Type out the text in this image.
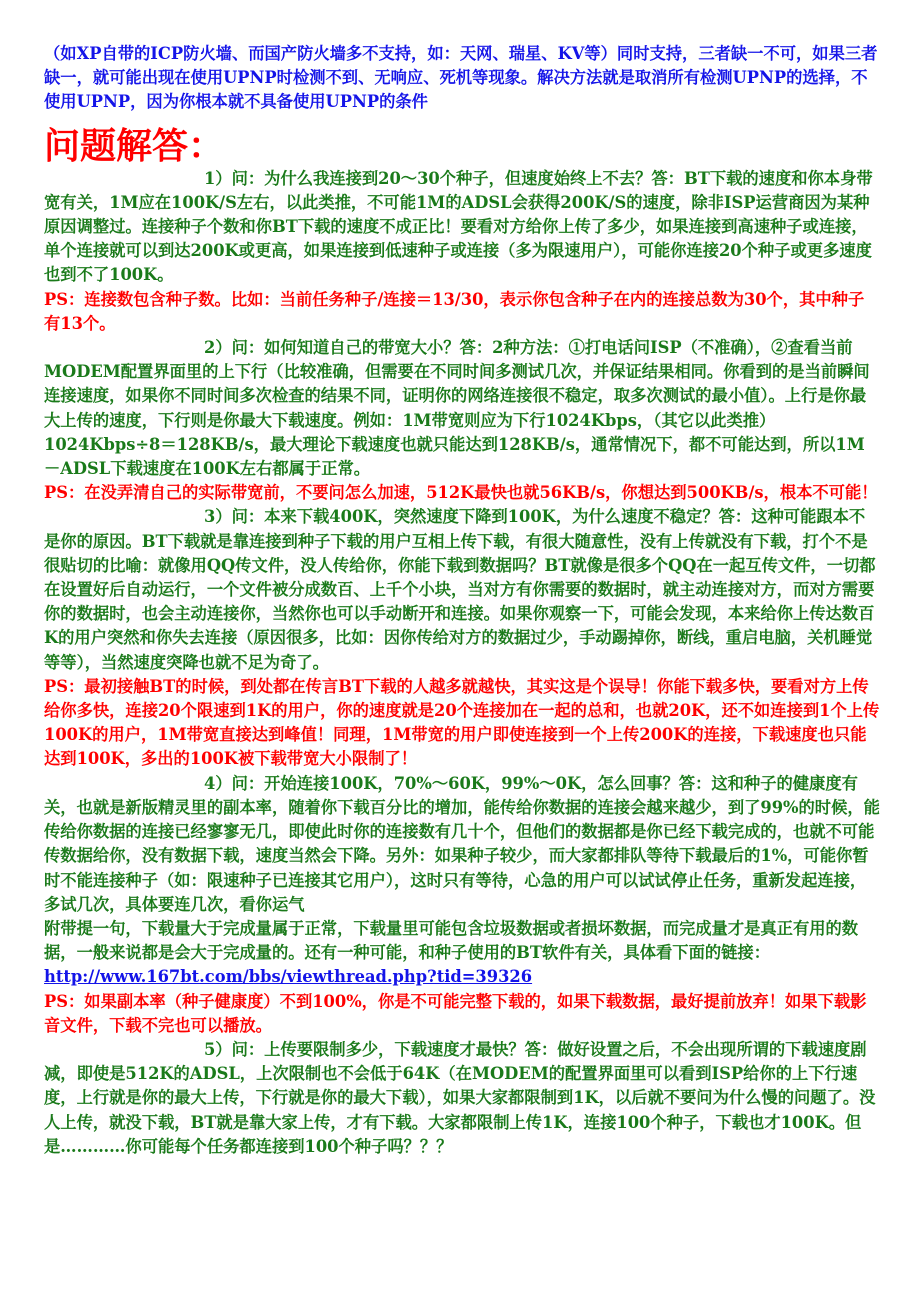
（如XP自带的ICP防火墙、而国产防火墙多不支持，如：天网、瑞星、KV等）同时支持，三者缺一不可，如果三者缺一，就可能出现在使用UPNP时检测不到、无响应、死机等现象。解决方法就是取消所有检测UPNP的选择，不使用UPNP，因为你根本就不具备使用UPNP的条件

问题解答：

1）问：为什么我连接到20～30个种子，但速度始终上不去？答：BT下载的速度和你本身带宽有关，1M应在100K/S左右，以此类推，不可能1M的ADSL会获得200K/S的速度，除非ISP运营商因为某种原因调整过。连接种子个数和你BT下载的速度不成正比！要看对方给你上传了多少，如果连接到高速种子或连接，单个连接就可以到达200K或更高，如果连接到低速种子或连接（多为限速用户），可能你连接20个种子或更多速度也到不了100K。

PS：连接数包含种子数。比如：当前任务种子/连接＝13/30，表示你包含种子在内的连接总数为30个，其中种子有13个。

2）问：如何知道自己的带宽大小？答：2种方法：①打电话问ISP（不准确），②查看当前MODEM配置界面里的上下行（比较准确，但需要在不同时间多测试几次，并保证结果相同。你看到的是当前瞬间连接速度，如果你不同时间多次检查的结果不同，证明你的网络连接很不稳定，取多次测试的最小值）。上行是你最大上传的速度，下行则是你最大下载速度。例如：1M带宽则应为下行1024Kbps，（其它以此类推）1024Kbps÷8＝128KB/s，最大理论下载速度也就只能达到128KB/s，通常情况下，都不可能达到，所以1M－ADSL下载速度在100K左右都属于正常。

PS：在没弄清自己的实际带宽前，不要问怎么加速，512K最快也就56KB/s，你想达到500KB/s，根本不可能！

3）问：本来下载400K，突然速度下降到100K，为什么速度不稳定？答：这种可能跟本不是你的原因。BT下载就是靠连接到种子下载的用户互相上传下载，有很大随意性，没有上传就没有下载，打个不是很贴切的比喻：就像用QQ传文件，没人传给你，你能下载到数据吗？BT就像是很多个QQ在一起互传文件，一切都在设置好后自动运行，一个文件被分成数百、上千个小块，当对方有你需要的数据时，就主动连接对方，而对方需要你的数据时，也会主动连接你，当然你也可以手动断开和连接。如果你观察一下，可能会发现，本来给你上传达数百K的用户突然和你失去连接（原因很多，比如：因你传给对方的数据过少，手动踢掉你，断线，重启电脑，关机睡觉等等），当然速度突降也就不足为奇了。

PS：最初接触BT的时候，到处都在传言BT下载的人越多就越快，其实这是个误导！你能下载多快，要看对方上传给你多快，连接20个限速到1K的用户，你的速度就是20个连接加在一起的总和，也就20K，还不如连接到1个上传100K的用户，1M带宽直接达到峰值！同理，1M带宽的用户即使连接到一个上传200K的连接，下载速度也只能达到100K，多出的100K被下载带宽大小限制了！

4）问：开始连接100K，70%～60K，99%～0K，怎么回事？答：这和种子的健康度有关，也就是新版精灵里的副本率，随着你下载百分比的增加，能传给你数据的连接会越来越少，到了99%的时候，能传给你数据的连接已经寥寥无几，即使此时你的连接数有几十个，但他们的数据都是你已经下载完成的，也就不可能传数据给你，没有数据下载，速度当然会下降。另外：如果种子较少，而大家都排队等待下载最后的1%，可能你暂时不能连接种子（如：限速种子已连接其它用户），这时只有等待，心急的用户可以试试停止任务，重新发起连接，多试几次，具体要连几次，看你运气

附带提一句，下载量大于完成量属于正常，下载量里可能包含垃圾数据或者损坏数据，而完成量才是真正有用的数据，一般来说都是会大于完成量的。还有一种可能，和种子使用的BT软件有关，具体看下面的链接：http://www.167bt.com/bbs/viewthread.php?tid=39326

PS：如果副本率（种子健康度）不到100%，你是不可能完整下载的，如果下载数据，最好提前放弃！如果下载影音文件，下载不完也可以播放。

5）问：上传要限制多少，下载速度才最快？答：做好设置之后，不会出现所谓的下载速度剧减，即使是512K的ADSL，上次限制也不会低于64K（在MODEM的配置界面里可以看到ISP给你的上下行速度，上行就是你的最大上传，下行就是你的最大下载），如果大家都限制到1K，以后就不要问为什么慢的问题了。没人上传，就没下载，BT就是靠大家上传，才有下载。大家都限制上传1K，连接100个种子，下载也才100K。但是…………你可能每个任务都连接到100个种子吗？？？
